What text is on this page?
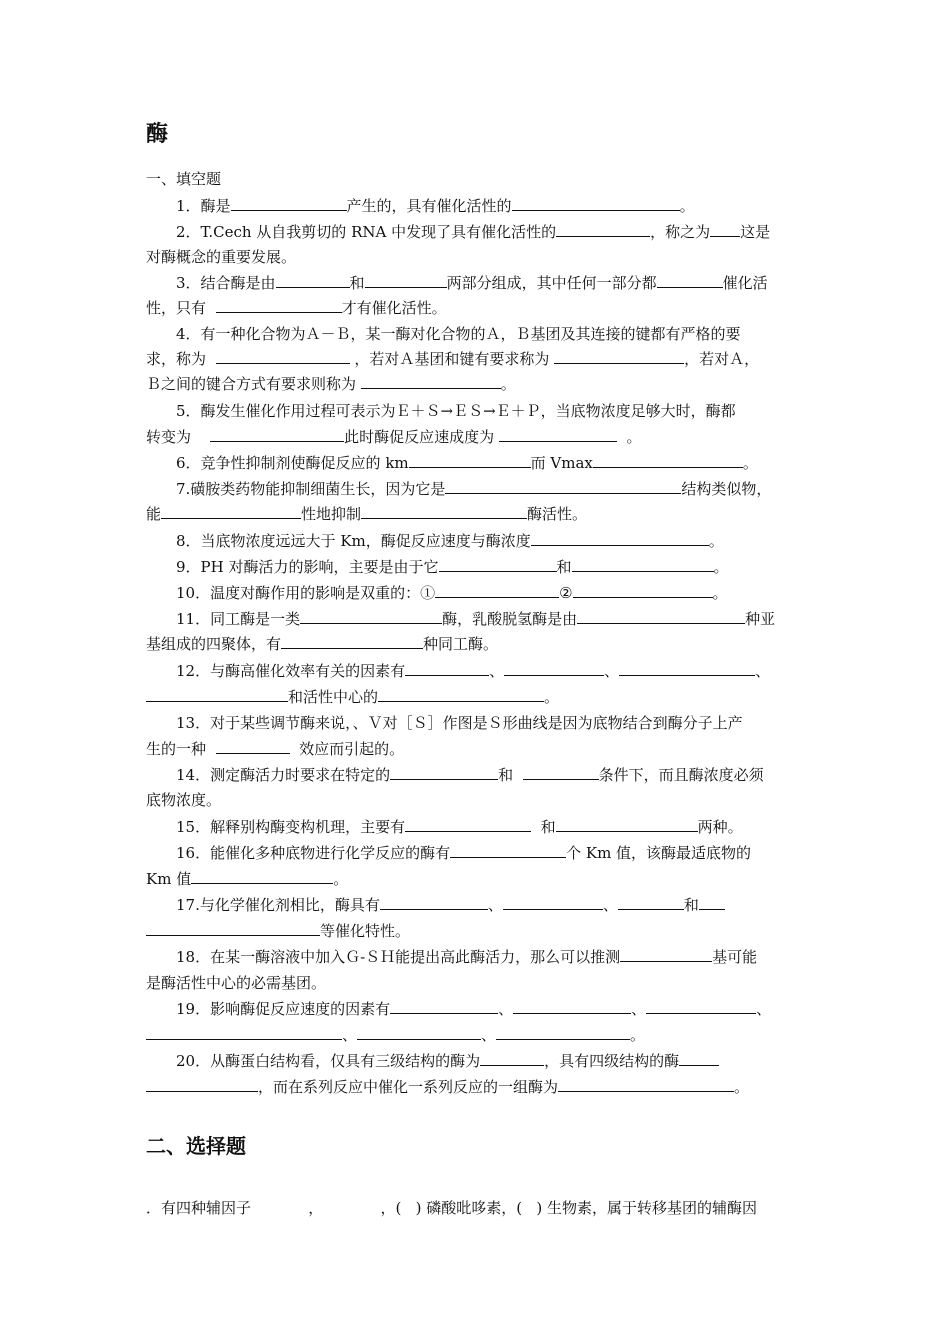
酶
一、填空题
1．酶是	产生的，具有催化活性的	。
2．T.Cech 从自我剪切的 RNA 中发现了具有催化活性的	，称之为 这是
对酶概念的重要发展。
3．结合酶是由	和	两部分组成，其中任何一部分都	催化活
性，只有	才有催化活性。
4．有一种化合物为Ａ－Ｂ，某一酶对化合物的Ａ，Ｂ基团及其连接的键都有严格的要
求，称为	，若对Ａ基团和键有要求称为	，若对Ａ，
Ｂ之间的键合方式有要求则称为	。
5．酶发生催化作用过程可表示为Ｅ＋Ｓ→ＥＳ→Ｅ＋Ｐ，当底物浓度足够大时，酶都
转变为	此时酶促反应速成度为	。
6．竞争性抑制剂使酶促反应的 km	而 Vmax	。
7.磺胺类药物能抑制细菌生长，因为它是	结构类似物，
能	性地抑制	酶活性。
8．当底物浓度远远大于 Km，酶促反应速度与酶浓度	。
9．PH 对酶活力的影响，主要是由于它	和	。
10．温度对酶作用的影响是双重的：①	②	。
11．同工酶是一类	酶，乳酸脱氢酶是由	种亚
基组成的四聚体，有	种同工酶。
12．与酶高催化效率有关的因素有	、	、	、
和活性中心的	。
13．对于某些调节酶来说，、Ｖ对［Ｓ］作图是Ｓ形曲线是因为底物结合到酶分子上产
生的一种	效应而引起的。
14．测定酶活力时要求在特定的	和	条件下，而且酶浓度必须
底物浓度。
15．解释别构酶变构机理，主要有	和	两种。
16．能催化多种底物进行化学反应的酶有	个 Km 值，该酶最适底物的
Km 值	。
17.与化学催化剂相比，酶具有	、	、	和
等催化特性。
18．在某一酶溶液中加入Ｇ-ＳＨ能提出高此酶活力，那么可以推测	基可能
是酶活性中心的必需基团。
19．影响酶促反应速度的因素有	、	、	、
、	、	。
20．从酶蛋白结构看，仅具有三级结构的酶为	，具有四级结构的酶
，而在系列反应中催化一系列反应的一组酶为	。
二、选择题
．有四种辅因子	，	，(   ) 磷酸吡哆素，(   ) 生物素，属于转移基团的辅酶因
